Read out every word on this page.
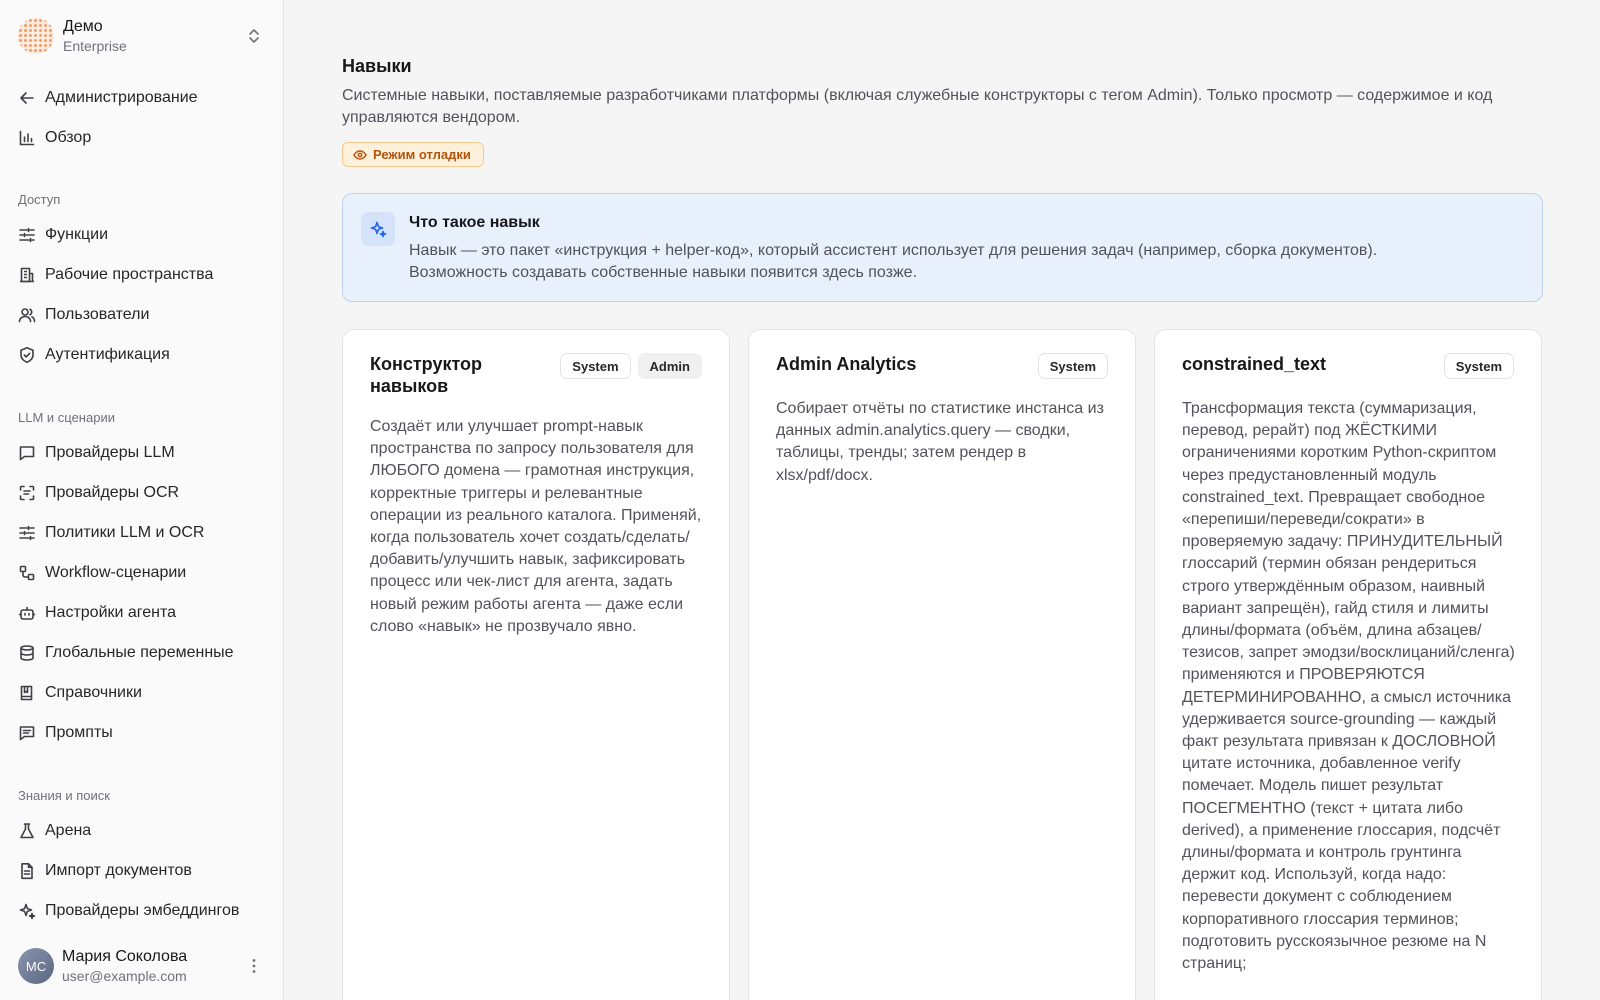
Демо
Enterprise
Администрирование
Обзор
Доступ
Функции
Рабочие пространства
Пользователи
Аутентификация
LLM и сценарии
Провайдеры LLM
Провайдеры OCR
Политики LLM и OCR
Workflow-сценарии
Настройки агента
Глобальные переменные
Справочники
Промпты
Знания и поиск
Арена
Импорт документов
Провайдеры эмбеддингов
МС
Мария Соколова
user@example.com
Навыки

Системные навыки, поставляемые разработчиками платформы (включая служебные конструкторы с тегом Admin). Только просмотр — содержимое и код управляются вендором.

Режим отладки
Что такое навык
Навык — это пакет «инструкция + helper-код», который ассистент использует для решения задач (например, сборка документов).
Возможность создавать собственные навыки появится здесь позже.
Конструктор
навыков
System	Admin

Создаёт или улучшает prompt-навык пространства по запросу пользователя для ЛЮБОГО домена — грамотная инструкция, корректные триггеры и релевантные операции из реального каталога. Применяй, когда пользователь хочет создать/сделать/добавить/улучшить навык, зафиксировать процесс или чек-лист для агента, задать новый режим работы агента — даже если слово «навык» не прозвучало явно.

Admin Analytics	System

Собирает отчёты по статистике инстанса из данных admin.analytics.query — сводки, таблицы, тренды; затем рендер в xlsx/pdf/docx.

constrained_text	System

Трансформация текста (суммаризация, перевод, рерайт) под ЖЁСТКИМИ ограничениями коротким Python-скриптом через предустановленный модуль constrained_text. Превращает свободное «перепиши/переведи/сократи» в проверяемую задачу: ПРИНУДИТЕЛЬНЫЙ глоссарий (термин обязан рендериться строго утверждённым образом, наивный вариант запрещён), гайд стиля и лимиты длины/формата (объём, длина абзацев/тезисов, запрет эмодзи/восклицаний/сленга) применяются и ПРОВЕРЯЮТСЯ ДЕТЕРМИНИРОВАННО, а смысл источника удерживается source-grounding — каждый факт результата привязан к ДОСЛОВНОЙ цитате источника, добавленное verify помечает. Модель пишет результат ПОСЕГМЕНТНО (текст + цитата либо derived), а применение глоссария, подсчёт длины/формата и контроль грунтинга держит код. Используй, когда надо: перевести документ с соблюдением корпоративного глоссария терминов; подготовить русскоязычное резюме на N страниц;
